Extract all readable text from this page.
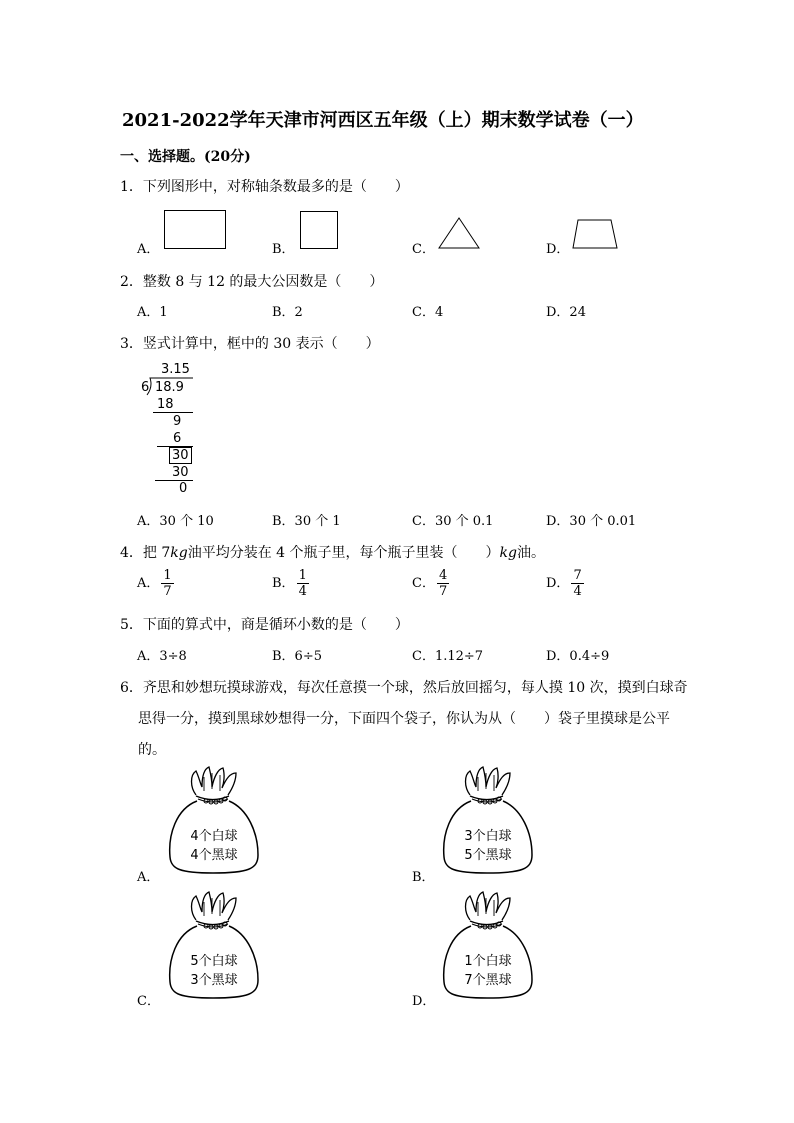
2021-2022学年天津市河西区五年级（上）期末数学试卷（一）
一、选择题。(20分)
1．下列图形中，对称轴条数最多的是（　　）
A．	B．	C．	D．
2．整数 8 与 12 的最大公因数是（　　）
A．1	B．2	C．4	D．24
3．竖式计算中，框中的 30 表示（　　）
3.15
6 18.9
18
9
6
30
30
0
A．30 个 10	B．30 个 1	C．30 个 0.1	D．30 个 0.01
4．把 7kg油平均分装在 4 个瓶子里，每个瓶子里装（　　）kg油。
A． $\frac{1}{7}$	B． $\frac{1}{4}$	C． $\frac{4}{7}$	D． $\frac{7}{4}$
5．下面的算式中，商是循环小数的是（　　）
A．3÷8	B．6÷5	C．1.12÷7	D．0.4÷9
6．齐思和妙想玩摸球游戏，每次任意摸一个球，然后放回摇匀，每人摸 10 次，摸到白球奇
思得一分，摸到黑球妙想得一分，下面四个袋子，你认为从（　　）袋子里摸球是公平
的。
A．
4个白球
4个黑球
B．
3个白球
5个黑球
C．
5个白球
3个黑球
D．
1个白球
7个黑球
